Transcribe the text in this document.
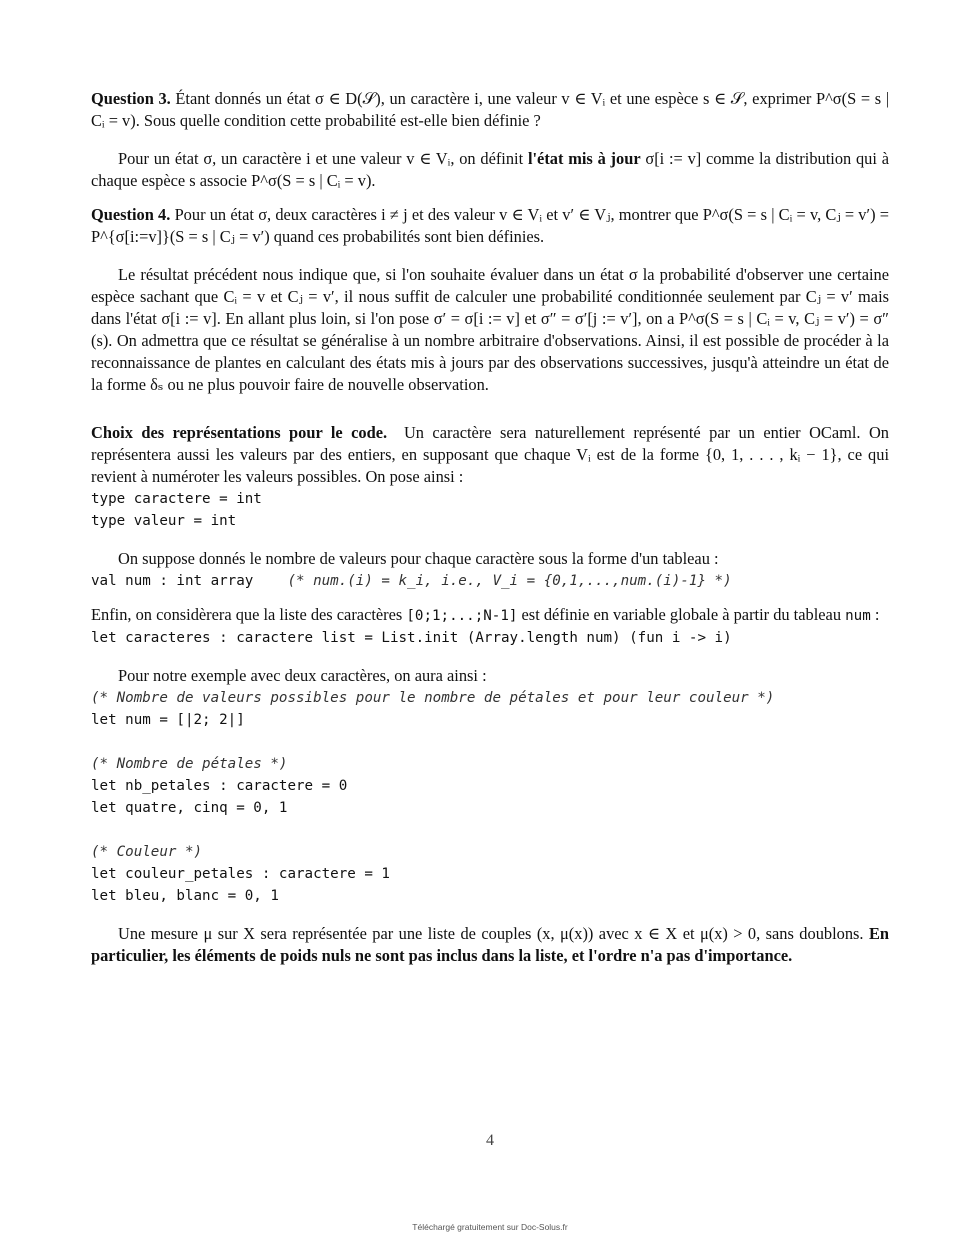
Question 3. Étant donnés un état σ ∈ D(𝒮), un caractère i, une valeur v ∈ Vᵢ et une espèce s ∈ 𝒮, exprimer P^σ(S = s | Cᵢ = v). Sous quelle condition cette probabilité est-elle bien définie ?

Pour un état σ, un caractère i et une valeur v ∈ Vᵢ, on définit l'état mis à jour σ[i := v] comme la distribution qui à chaque espèce s associe P^σ(S = s | Cᵢ = v).

Question 4. Pour un état σ, deux caractères i ≠ j et des valeur v ∈ Vᵢ et v′ ∈ Vⱼ, montrer que P^σ(S = s | Cᵢ = v, Cⱼ = v′) = P^{σ[i:=v]}(S = s | Cⱼ = v′) quand ces probabilités sont bien définies.

Le résultat précédent nous indique que, si l'on souhaite évaluer dans un état σ la probabilité d'observer une certaine espèce sachant que Cᵢ = v et Cⱼ = v′, il nous suffit de calculer une probabilité conditionnée seulement par Cⱼ = v′ mais dans l'état σ[i := v]. En allant plus loin, si l'on pose σ′ = σ[i := v] et σ″ = σ′[j := v′], on a P^σ(S = s | Cᵢ = v, Cⱼ = v′) = σ″(s). On admettra que ce résultat se généralise à un nombre arbitraire d'observations. Ainsi, il est possible de procéder à la reconnaissance de plantes en calculant des états mis à jours par des observations successives, jusqu'à atteindre un état de la forme δₛ ou ne plus pouvoir faire de nouvelle observation.

Choix des représentations pour le code. Un caractère sera naturellement représenté par un entier OCaml. On représentera aussi les valeurs par des entiers, en supposant que chaque Vᵢ est de la forme {0, 1, . . . , kᵢ − 1}, ce qui revient à numéroter les valeurs possibles. On pose ainsi :

type caractere = int
type valeur = int

On suppose donnés le nombre de valeurs pour chaque caractère sous la forme d'un tableau :

val num : int array (* num.(i) = k_i, i.e., V_i = {0,1,...,num.(i)-1} *)

Enfin, on considèrera que la liste des caractères [0;1;...;N-1] est définie en variable globale à partir du tableau num :

let caracteres : caractere list = List.init (Array.length num) (fun i -> i)

Pour notre exemple avec deux caractères, on aura ainsi :

(* Nombre de valeurs possibles pour le nombre de pétales et pour leur couleur *)
let num = [|2; 2|]

(* Nombre de pétales *)
let nb_petales : caractere = 0
let quatre, cinq = 0, 1

(* Couleur *)
let couleur_petales : caractere = 1
let bleu, blanc = 0, 1

Une mesure μ sur X sera représentée par une liste de couples (x, μ(x)) avec x ∈ X et μ(x) > 0, sans doublons. En particulier, les éléments de poids nuls ne sont pas inclus dans la liste, et l'ordre n'a pas d'importance.

4
Téléchargé gratuitement sur Doc-Solus.fr
